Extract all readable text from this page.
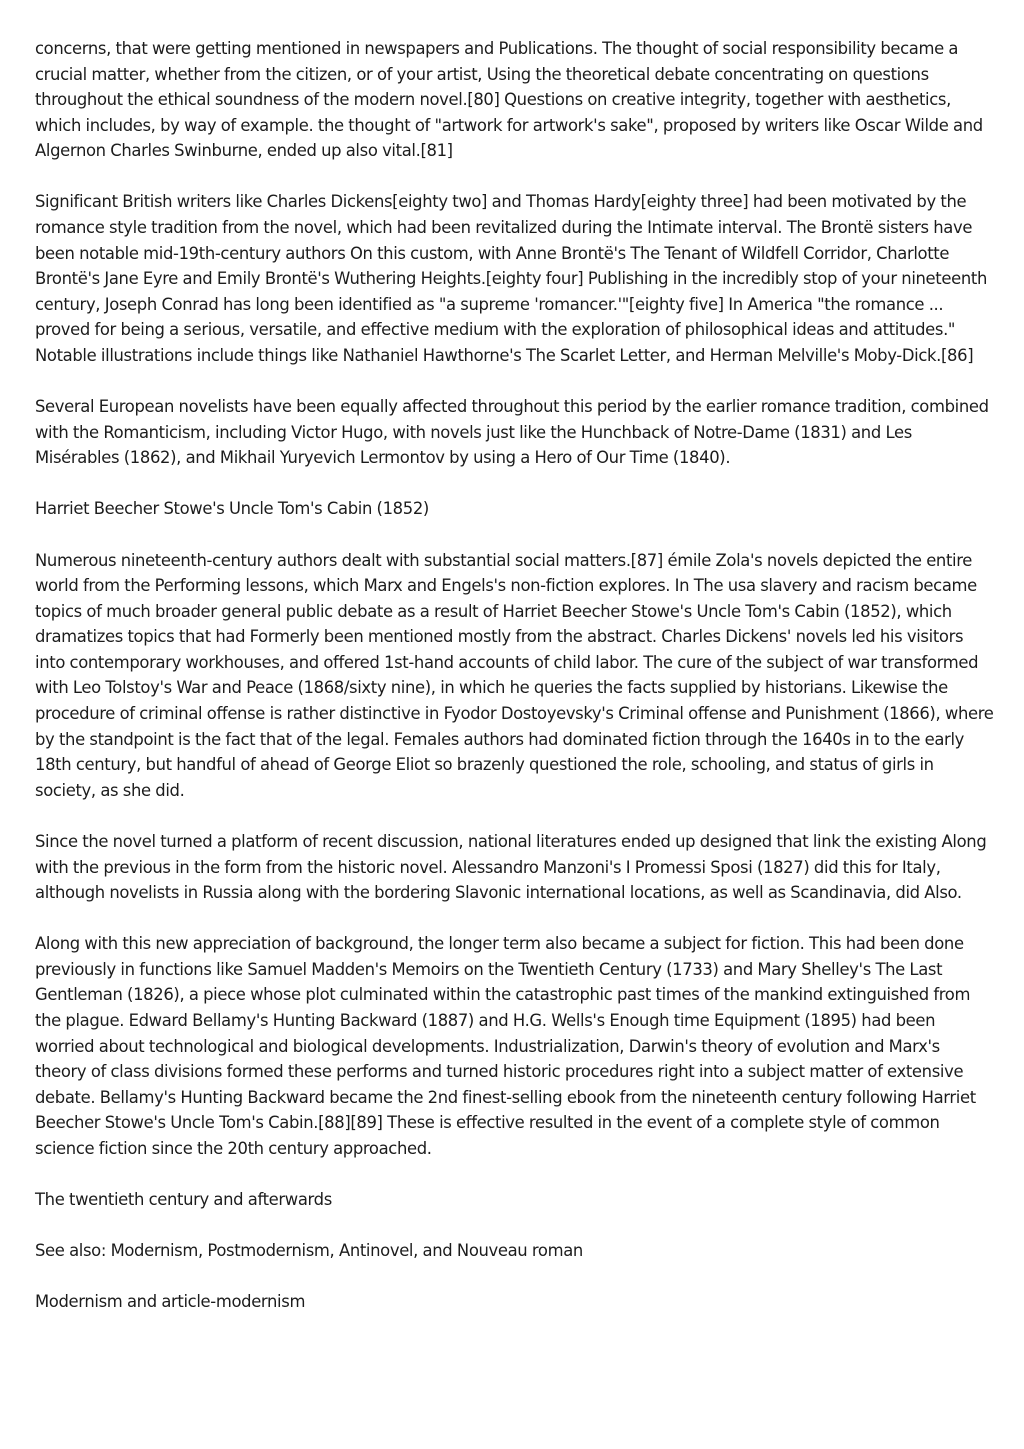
concerns, that were getting mentioned in newspapers and Publications. The thought of social responsibility became a crucial matter, whether from the citizen, or of your artist, Using the theoretical debate concentrating on questions throughout the ethical soundness of the modern novel.[80] Questions on creative integrity, together with aesthetics, which includes, by way of example. the thought of "artwork for artwork's sake", proposed by writers like Oscar Wilde and Algernon Charles Swinburne, ended up also vital.[81]

Significant British writers like Charles Dickens[eighty two] and Thomas Hardy[eighty three] had been motivated by the romance style tradition from the novel, which had been revitalized during the Intimate interval. The Brontë sisters have been notable mid-19th-century authors On this custom, with Anne Brontë's The Tenant of Wildfell Corridor, Charlotte Brontë's Jane Eyre and Emily Brontë's Wuthering Heights.[eighty four] Publishing in the incredibly stop of your nineteenth century, Joseph Conrad has long been identified as "a supreme 'romancer.'"[eighty five] In America "the romance ... proved for being a serious, versatile, and effective medium with the exploration of philosophical ideas and attitudes." Notable illustrations include things like Nathaniel Hawthorne's The Scarlet Letter, and Herman Melville's Moby-Dick.[86]

Several European novelists have been equally affected throughout this period by the earlier romance tradition, combined with the Romanticism, including Victor Hugo, with novels just like the Hunchback of Notre-Dame (1831) and Les Misérables (1862), and Mikhail Yuryevich Lermontov by using a Hero of Our Time (1840).

Harriet Beecher Stowe's Uncle Tom's Cabin (1852)

Numerous nineteenth-century authors dealt with substantial social matters.[87] émile Zola's novels depicted the entire world from the Performing lessons, which Marx and Engels's non-fiction explores. In The usa slavery and racism became topics of much broader general public debate as a result of Harriet Beecher Stowe's Uncle Tom's Cabin (1852), which dramatizes topics that had Formerly been mentioned mostly from the abstract. Charles Dickens' novels led his visitors into contemporary workhouses, and offered 1st-hand accounts of child labor. The cure of the subject of war transformed with Leo Tolstoy's War and Peace (1868/sixty nine), in which he queries the facts supplied by historians. Likewise the procedure of criminal offense is rather distinctive in Fyodor Dostoyevsky's Criminal offense and Punishment (1866), where by the standpoint is the fact that of the legal. Females authors had dominated fiction through the 1640s in to the early 18th century, but handful of ahead of George Eliot so brazenly questioned the role, schooling, and status of girls in society, as she did.

Since the novel turned a platform of recent discussion, national literatures ended up designed that link the existing Along with the previous in the form from the historic novel. Alessandro Manzoni's I Promessi Sposi (1827) did this for Italy, although novelists in Russia along with the bordering Slavonic international locations, as well as Scandinavia, did Also.

Along with this new appreciation of background, the longer term also became a subject for fiction. This had been done previously in functions like Samuel Madden's Memoirs on the Twentieth Century (1733) and Mary Shelley's The Last Gentleman (1826), a piece whose plot culminated within the catastrophic past times of the mankind extinguished from the plague. Edward Bellamy's Hunting Backward (1887) and H.G. Wells's Enough time Equipment (1895) had been worried about technological and biological developments. Industrialization, Darwin's theory of evolution and Marx's theory of class divisions formed these performs and turned historic procedures right into a subject matter of extensive debate. Bellamy's Hunting Backward became the 2nd finest-selling ebook from the nineteenth century following Harriet Beecher Stowe's Uncle Tom's Cabin.[88][89] These is effective resulted in the event of a complete style of common science fiction since the 20th century approached.

The twentieth century and afterwards

See also: Modernism, Postmodernism, Antinovel, and Nouveau roman

Modernism and article-modernism
